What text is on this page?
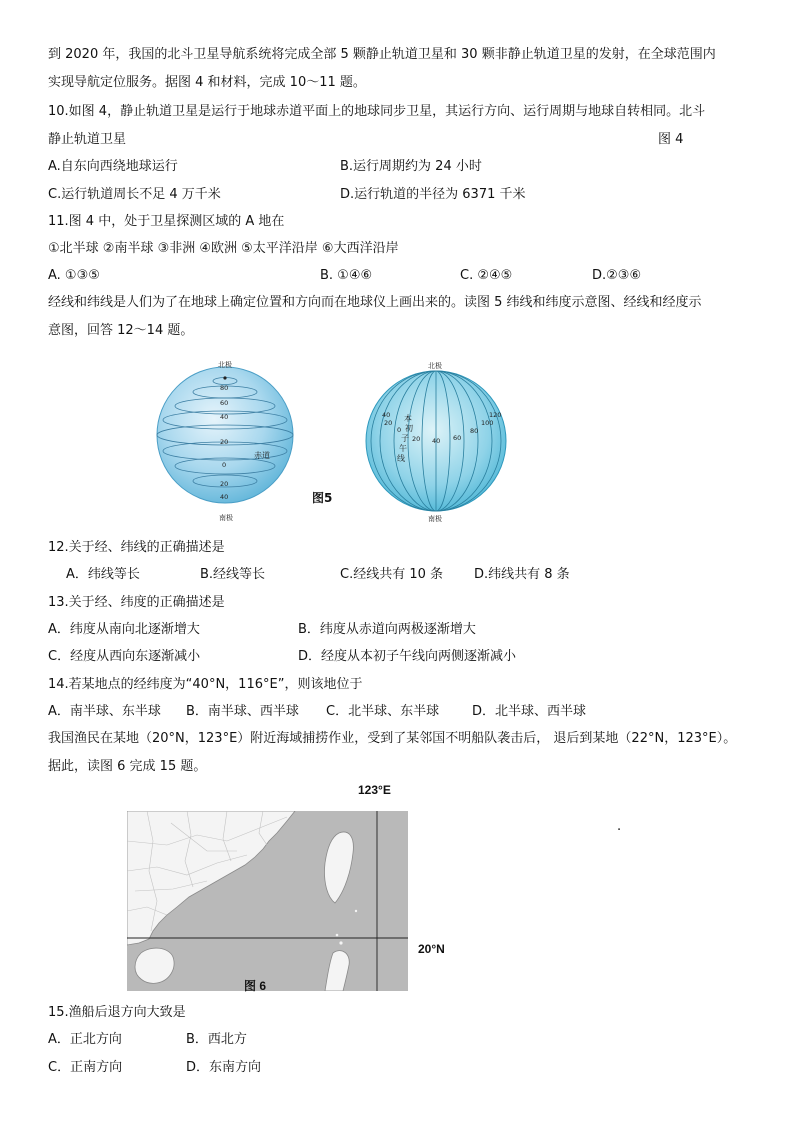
到 2020 年，我国的北斗卫星导航系统将完成全部 5 颗静止轨道卫星和 30 颗非静止轨道卫星的发射，在全球范围内
实现导航定位服务。据图 4 和材料，完成 10～11 题。
10.如图 4，静止轨道卫星是运行于地球赤道平面上的地球同步卫星，其运行方向、运行周期与地球自转相同。北斗
静止轨道卫星	图 4
A.自东向西绕地球运行	B.运行周期约为 24 小时
C.运行轨道周长不足 4 万千米	D.运行轨道的半径为 6371 千米
11.图 4 中，处于卫星探测区域的 A 地在
①北半球 ②南半球 ③非洲 ④欧洲 ⑤太平洋沿岸 ⑥大西洋沿岸
A. ①③⑤	B. ①④⑥	C. ②④⑤	D.②③⑥
经线和纬线是人们为了在地球上确定位置和方向而在地球仪上画出来的。读图 5 纬线和纬度示意图、经线和经度示
意图，回答 12～14 题。
北极
南极
80
60
40
20
0
20
40
赤道
图5
北极
南极
40
20
0
20 40 60
80
100
120
本
初
子
午
线
12.关于经、纬线的正确描述是
A．纬线等长	B.经线等长	C.经线共有 10 条 D.纬线共有 8 条
13.关于经、纬度的正确描述是
A．纬度从南向北逐渐增大	B．纬度从赤道向两极逐渐增大
C．经度从西向东逐渐减小	D．经度从本初子午线向两侧逐渐减小
14.若某地点的经纬度为“40°N，116°E”，则该地位于
A．南半球、东半球 B．南半球、西半球 C．北半球、东半球	D．北半球、西半球
我国渔民在某地（20°N，123°E）附近海域捕捞作业，受到了某邻国不明船队袭击后， 退后到某地（22°N，123°E）。
据此，读图 6 完成 15 题。
123°E
.
20°N
图 6
15.渔船后退方向大致是
A．正北方向	B．西北方
C．正南方向	D．东南方向
